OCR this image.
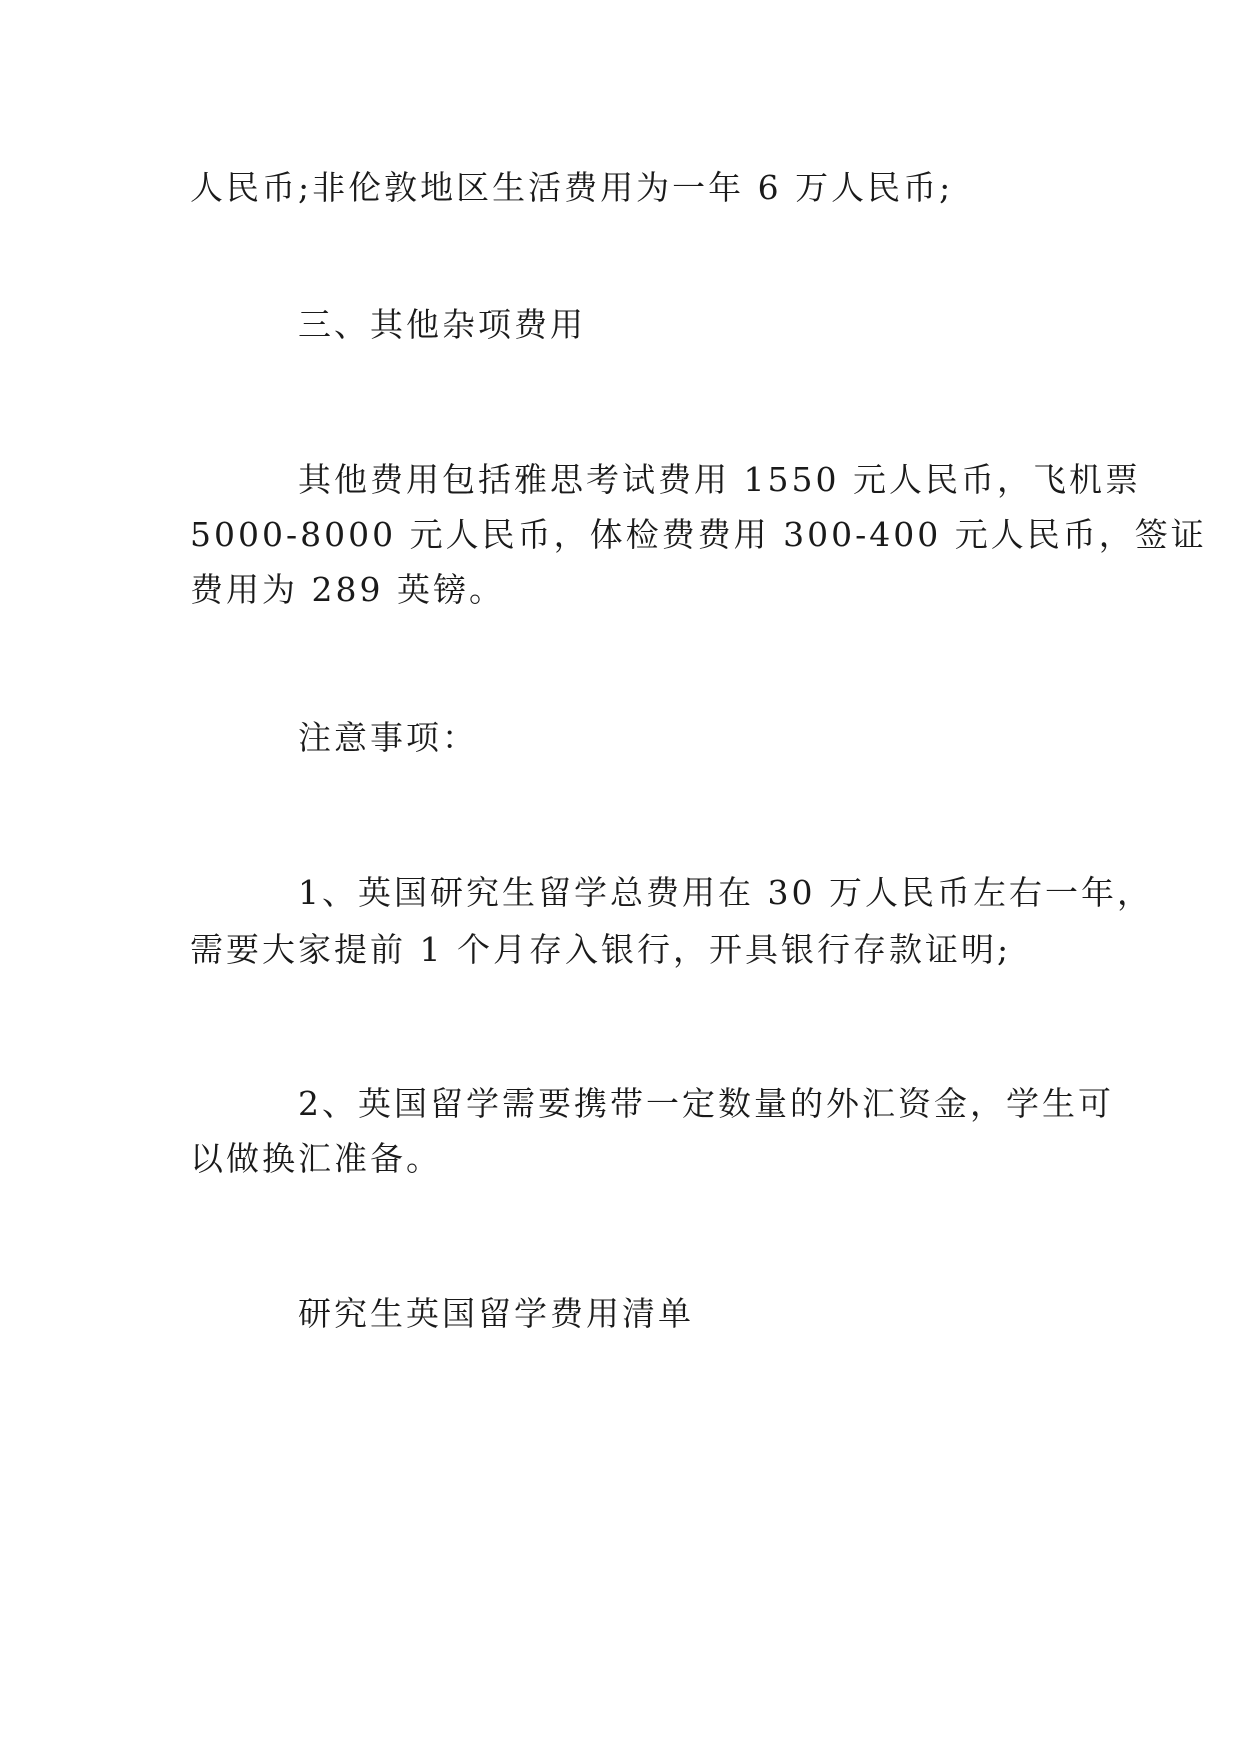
人民币;非伦敦地区生活费用为一年 6 万人民币;
三、其他杂项费用
其他费用包括雅思考试费用 1550 元人民币，飞机票
5000-8000 元人民币，体检费费用 300-400 元人民币，签证
费用为 289 英镑。
注意事项：
1、英国研究生留学总费用在 30 万人民币左右一年，
需要大家提前 1 个月存入银行，开具银行存款证明;
2、英国留学需要携带一定数量的外汇资金，学生可
以做换汇准备。
研究生英国留学费用清单
